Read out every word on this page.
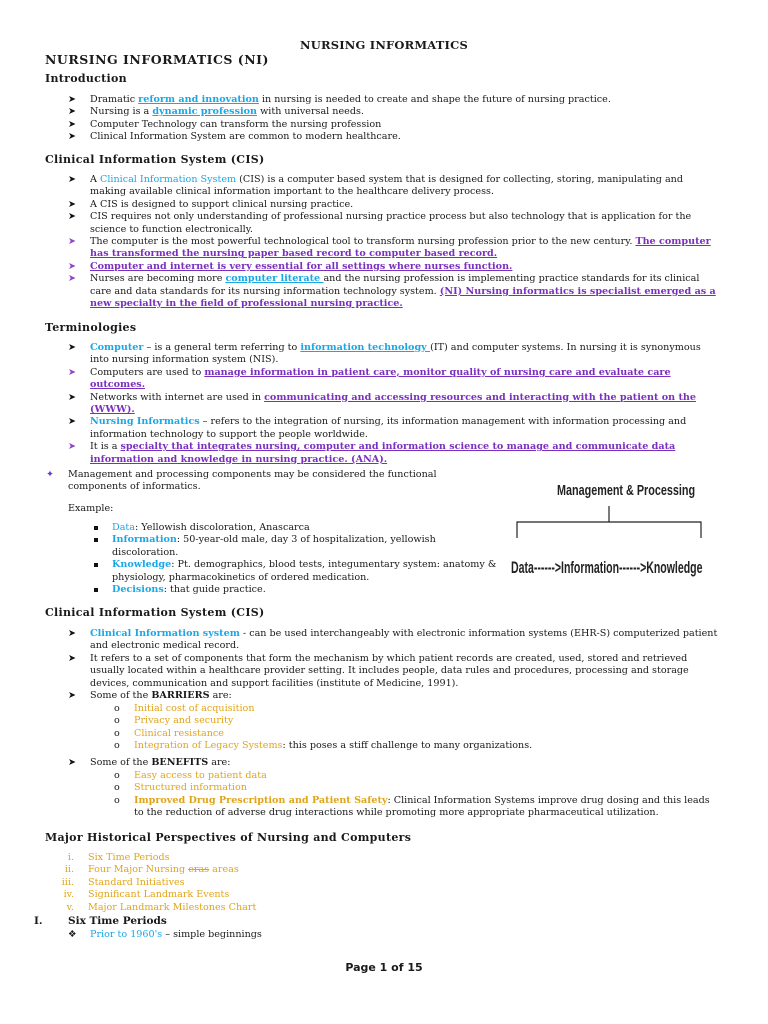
NURSING INFORMATICS
NURSING INFORMATICS (NI)
Introduction

➤ Dramatic reform and innovation in nursing is needed to create and shape the future of nursing practice.

➤ Nursing is a dynamic profession with universal needs.

➤ Computer Technology can transform the nursing profession

➤ Clinical Information System are common to modern healthcare.

Clinical Information System (CIS)

➤ A Clinical Information System (CIS) is a computer based system that is designed for collecting, storing, manipulating and making available clinical information important to the healthcare delivery process.

➤ A CIS is designed to support clinical nursing practice.

➤ CIS requires not only understanding of professional nursing practice process but also technology that is application for the science to function electronically.

➤ The computer is the most powerful technological tool to transform nursing profession prior to the new century. The computer has transformed the nursing paper based record to computer based record.

➤ Computer and internet is very essential for all settings where nurses function.

➤ Nurses are becoming more computer literate and the nursing profession is implementing practice standards for its clinical care and data standards for its nursing information technology system. (NI) Nursing informatics is specialist emerged as a new specialty in the field of professional nursing practice.

Terminologies

➤ Computer – is a general term referring to information technology (IT) and computer systems. In nursing it is synonymous into nursing information system (NIS).

➤ Computers are used to manage information in patient care, monitor quality of nursing care and evaluate care outcomes.

➤ Networks with internet are used in communicating and accessing resources and interacting with the patient on the (WWW).

➤ Nursing Informatics – refers to the integration of nursing, its information management with information processing and information technology to support the people worldwide.

➤ It is a specialty that integrates nursing, computer and information science to manage and communicate data information and knowledge in nursing practice. (ANA).

✦ Management and processing components may be considered the functional components of informatics.
Example:

Data: Yellowish discoloration, Anascarca

Information: 50-year-old male, day 3 of hospitalization, yellowish discoloration.

Knowledge: Pt. demographics, blood tests, integumentary system: anatomy & physiology, pharmacokinetics of ordered medication.

Decisions: that guide practice.

Management & Processing
Data------>Information------>Knowledge
Clinical Information System (CIS)

➤ Clinical Information system - can be used interchangeably with electronic information systems (EHR-S) computerized patient and electronic medical record.

➤ It refers to a set of components that form the mechanism by which patient records are created, used, stored and retrieved usually located within a healthcare provider setting. It includes people, data rules and procedures, processing and storage devices, communication and support facilities (institute of Medicine, 1991).

➤ Some of the BARRIERS are:

o Initial cost of acquisition

o Privacy and security

o Clinical resistance

o Integration of Legacy Systems: this poses a stiff challenge to many organizations.

➤ Some of the BENEFITS are:

o Easy access to patient data

o Structured information

o Improved Drug Prescription and Patient Safety: Clinical Information Systems improve drug dosing and this leads to the reduction of adverse drug interactions while promoting more appropriate pharmaceutical utilization.

Major Historical Perspectives of Nursing and Computers

i. Six Time Periods

ii. Four Major Nursing eras areas

iii. Standard Initiatives

iv. Significant Landmark Events

v. Major Landmark Milestones Chart

I. Six Time Periods
❖ Prior to 1960's – simple beginnings
Page 1 of 15
